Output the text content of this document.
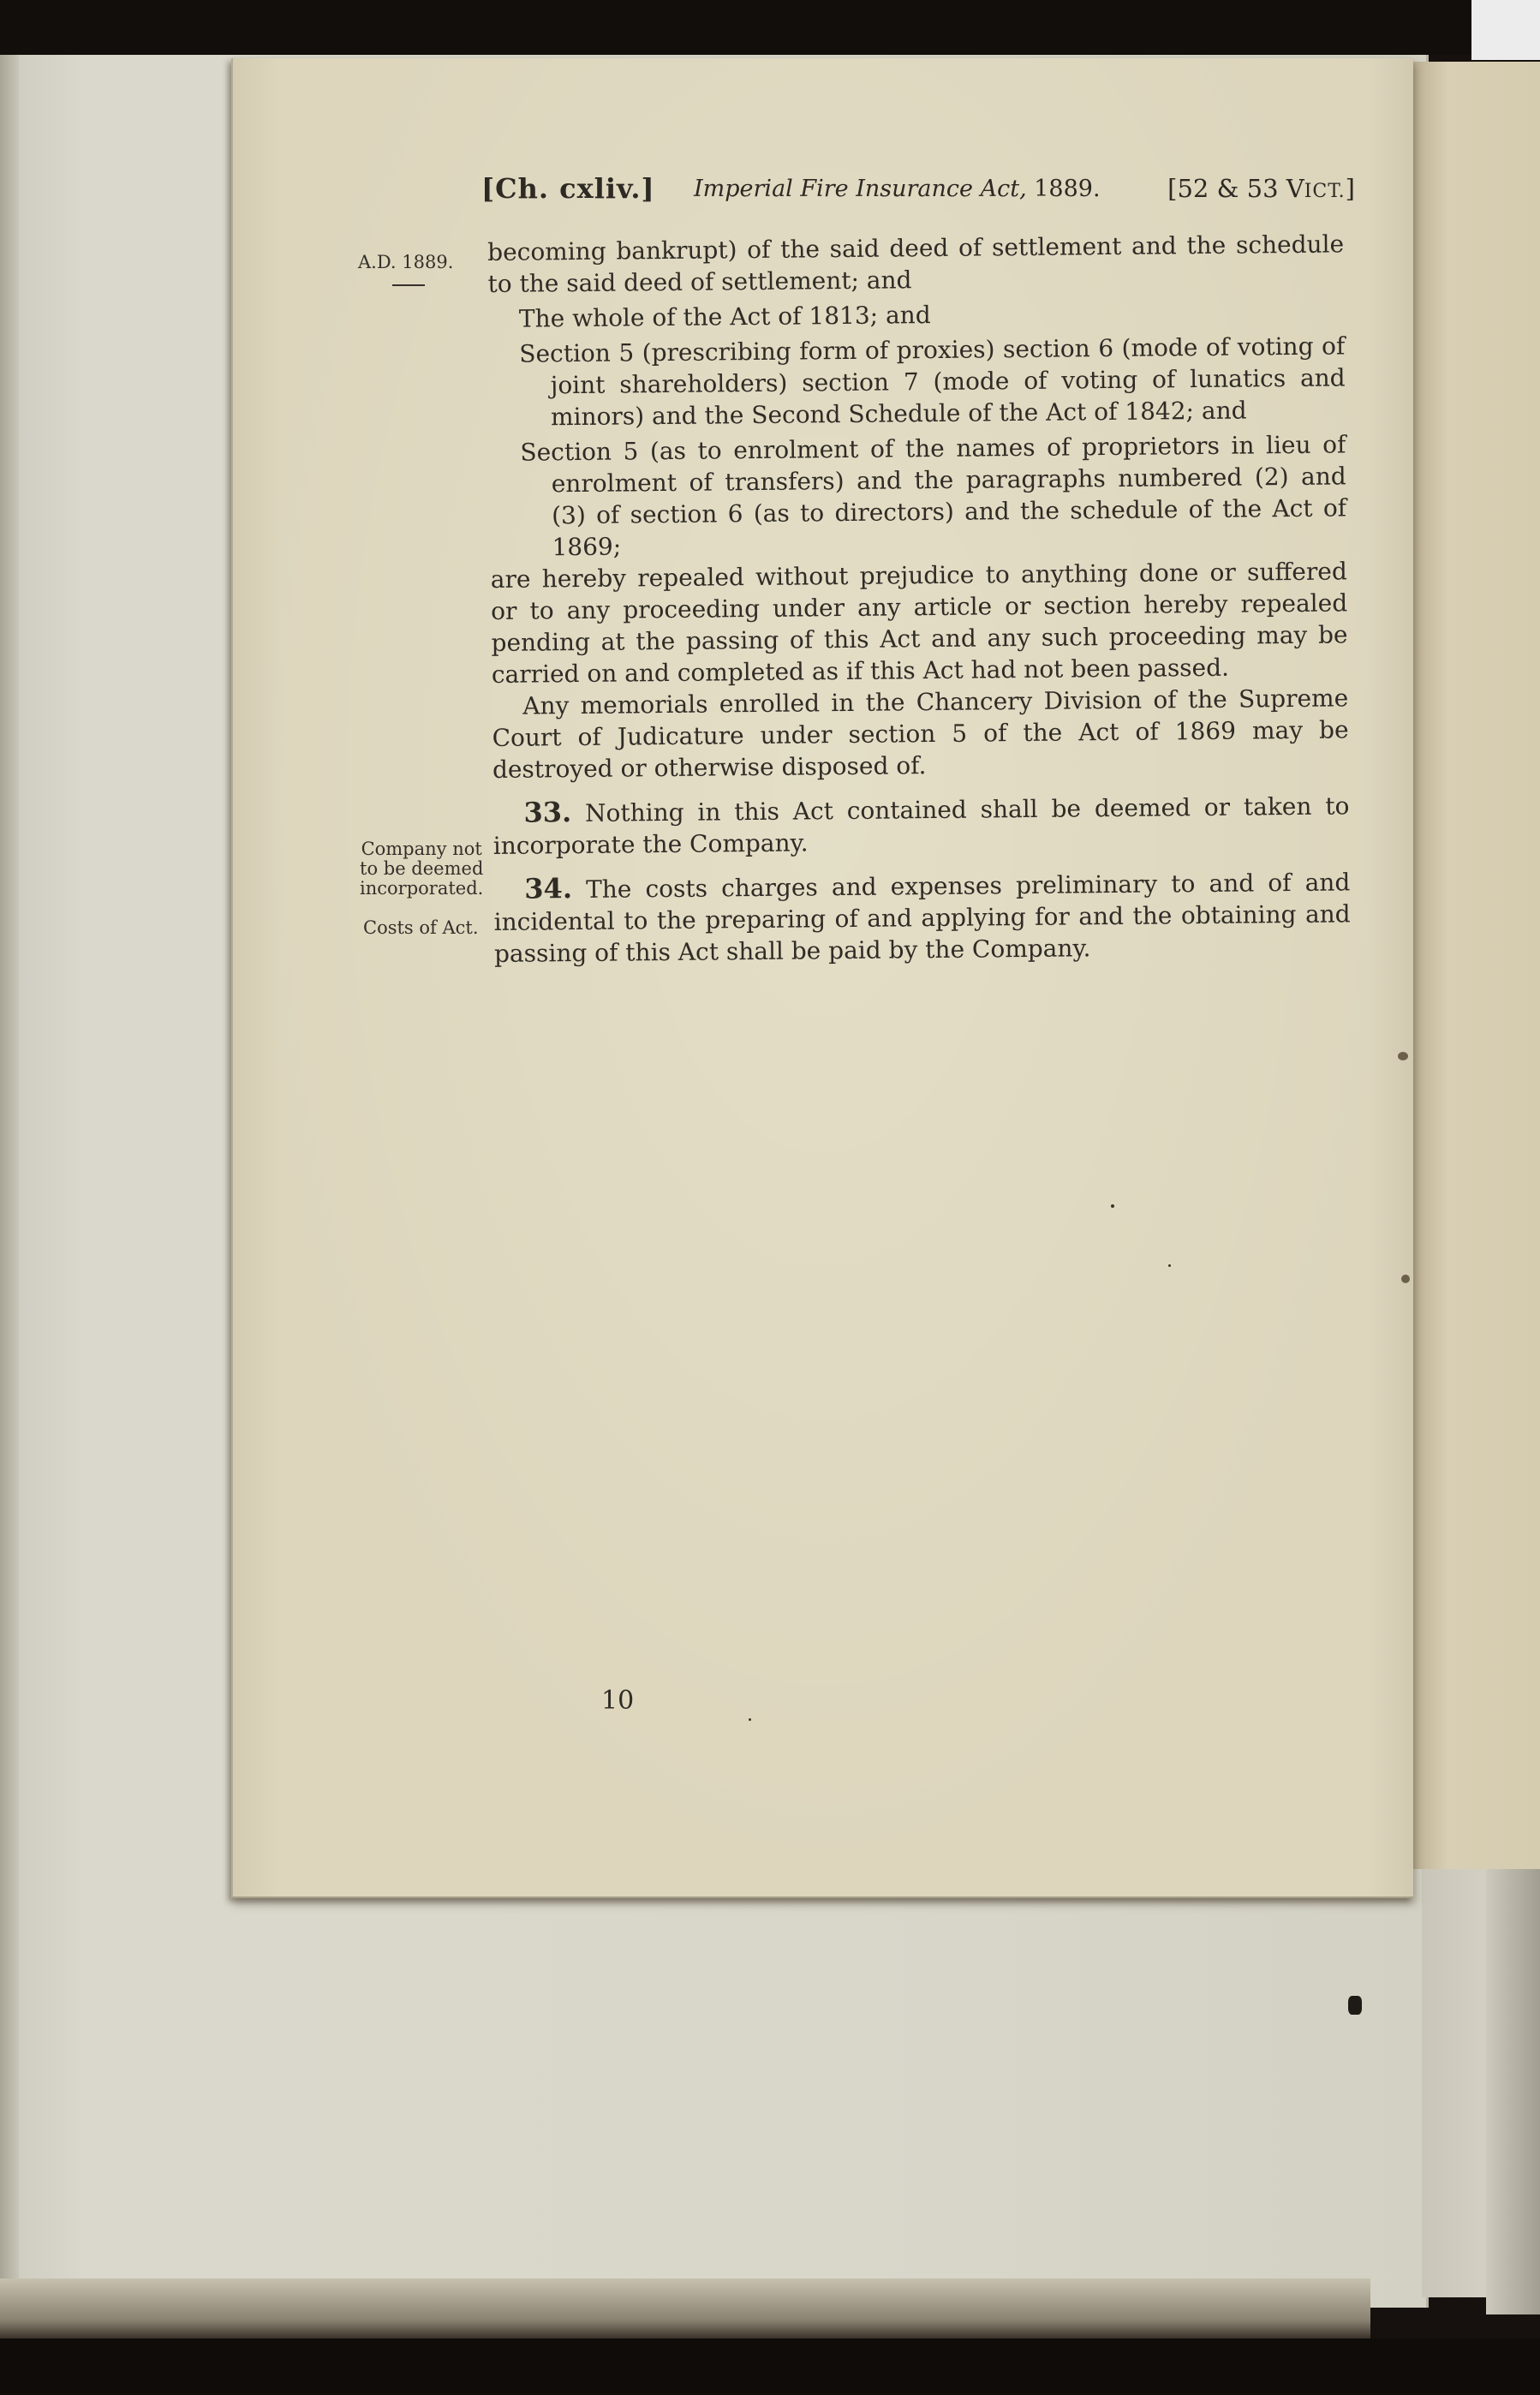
[Ch. cxliv.] Imperial Fire Insurance Act, 1889.	[52 & 53 VICT.]
A.D. 1889.
Company not
to be deemed
incorporated.
Costs of Act.

becoming bankrupt) of the said deed of settlement and the schedule to the said deed of settlement; and

The whole of the Act of 1813; and

Section 5 (prescribing form of proxies) section 6 (mode of voting of joint shareholders) section 7 (mode of voting of lunatics and minors) and the Second Schedule of the Act of 1842; and

Section 5 (as to enrolment of the names of proprietors in lieu of enrolment of transfers) and the paragraphs numbered (2) and (3) of section 6 (as to directors) and the schedule of the Act of 1869;

are hereby repealed without prejudice to anything done or suffered or to any proceeding under any article or section hereby repealed pending at the passing of this Act and any such proceeding may be carried on and completed as if this Act had not been passed.

Any memorials enrolled in the Chancery Division of the Supreme Court of Judicature under section 5 of the Act of 1869 may be destroyed or otherwise disposed of.

33. Nothing in this Act contained shall be deemed or taken to incorporate the Company.

34. The costs charges and expenses preliminary to and of and incidental to the preparing of and applying for and the obtaining and passing of this Act shall be paid by the Company.

10
